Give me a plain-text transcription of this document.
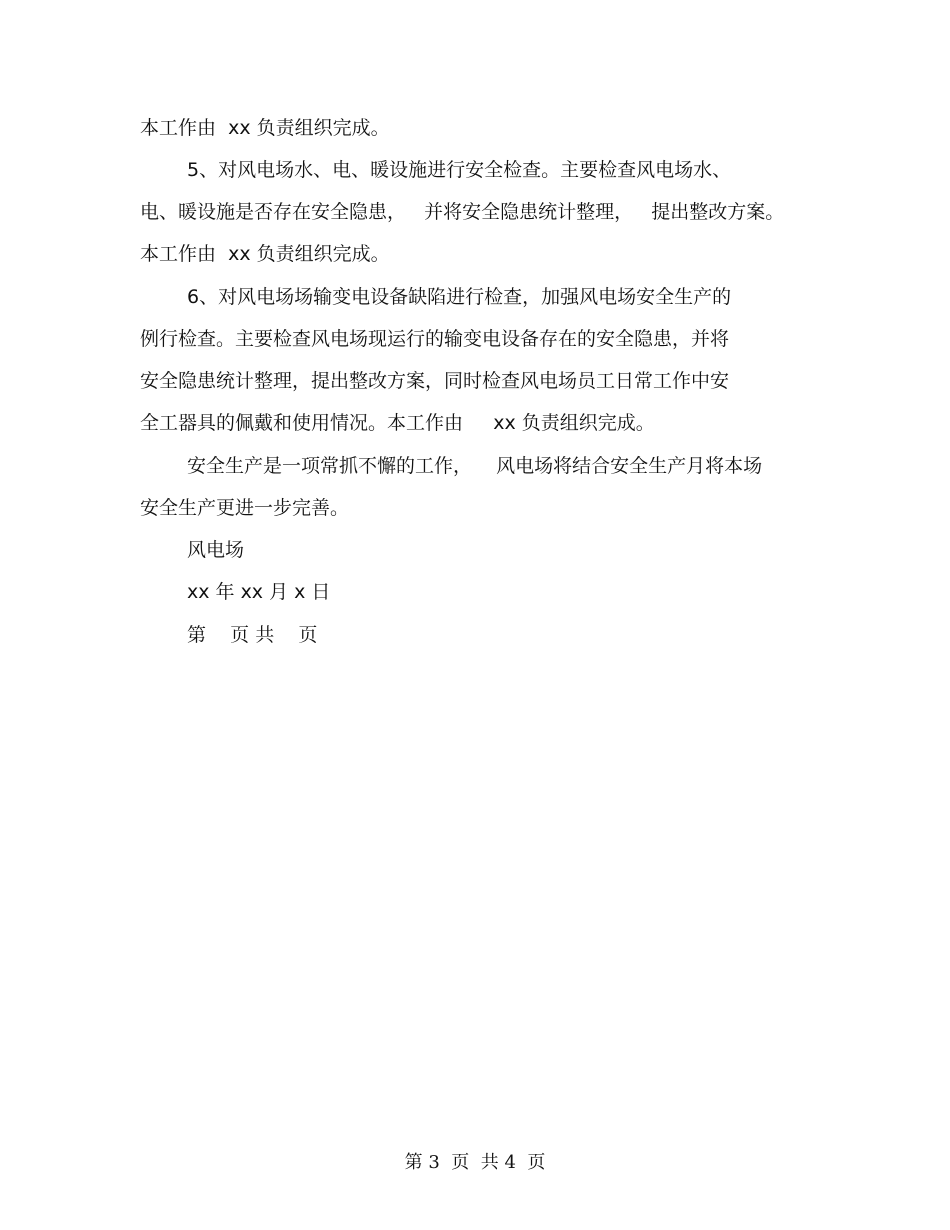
本工作由  xx 负责组织完成。
5、对风电场水、电、暖设施进行安全检查。主要检查风电场水、
电、暖设施是否存在安全隐患，   并将安全隐患统计整理，   提出整改方案。
本工作由  xx 负责组织完成。
6、对风电场场输变电设备缺陷进行检查，加强风电场安全生产的
例行检查。主要检查风电场现运行的输变电设备存在的安全隐患，并将
安全隐患统计整理，提出整改方案，同时检查风电场员工日常工作中安
全工器具的佩戴和使用情况。本工作由     xx 负责组织完成。
安全生产是一项常抓不懈的工作，    风电场将结合安全生产月将本场
安全生产更进一步完善。
风电场
xx 年 xx 月 x 日
第    页 共    页
第 3  页  共 4  页
